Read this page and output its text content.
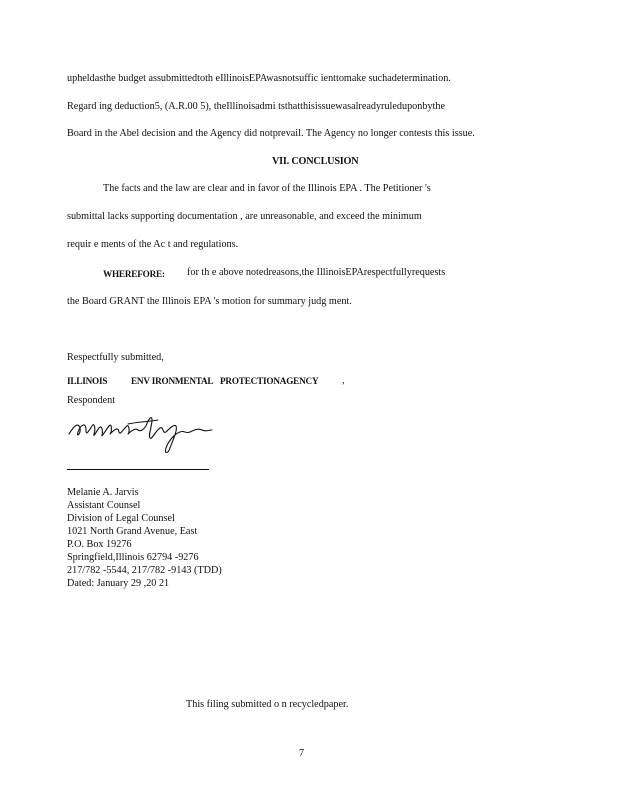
upheldasthe budget assubmittedtoth eIllinoisEPAwasnotsuffic ienttomake suchadetermination.
Regard ing deduction5, (A.R.00 5), theIllinoisadmi tsthatthisissuewasalreadyruleduponbythe
Board in the Abel decision and the Agency did notprevail. The Agency no longer contests this issue.
VII. CONCLUSION
The facts and the law are clear and in favor of the Illinois EPA . The Petitioner 's
submittal lacks supporting documentation , are unreasonable, and exceed the minimum
requir e ments of the Ac t and regulations.
WHEREFORE: for th e above notedreasons,the IllinoisEPArespectfullyrequests
the Board GRANT the Illinois EPA 's motion for summary judg ment.
Respectfully submitted,
ILLINOIS	ENV IRONMENTAL PROTECTIONAGENCY ,
Respondent
Melanie A. Jarvis
Assistant Counsel
Division of Legal Counsel
1021 North Grand Avenue, East
P.O. Box 19276
Springfield,Illinois 62794 -9276
217/782 -5544, 217/782 -9143 (TDD)
Dated: January 29 ,20 21
This filing submitted o n recycledpaper.
7
